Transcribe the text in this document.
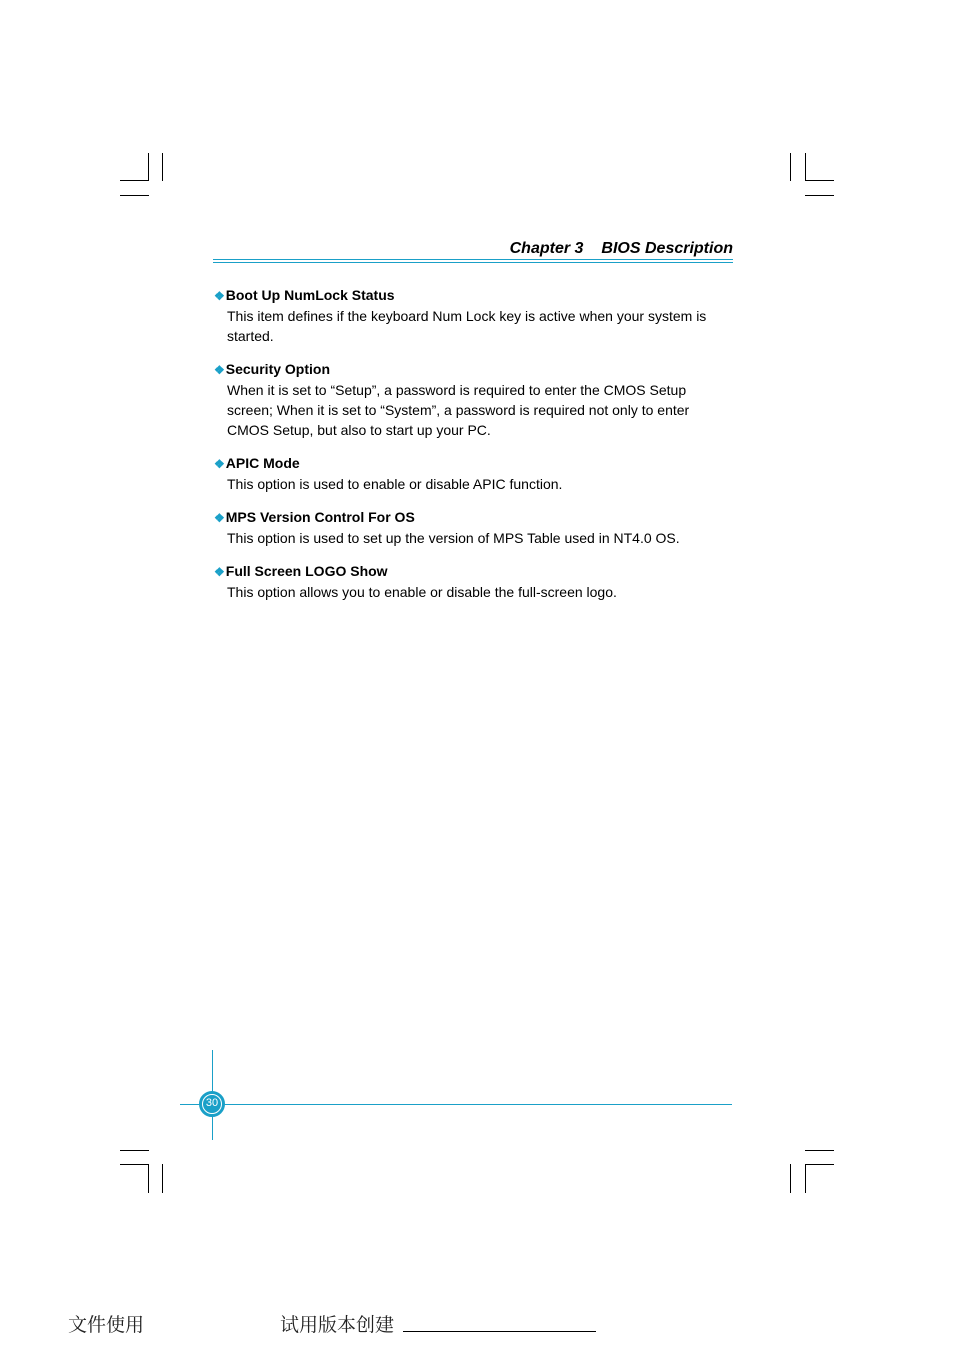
Chapter 3 BIOS Description
❖Boot Up NumLock Status
This item defines if the keyboard Num Lock key is active when your system is started.
❖Security Option
When it is set to “Setup”, a password is required to enter the CMOS Setup screen; When it is set to “System”, a password is required not only to enter CMOS Setup, but also to start up your PC.
❖APIC Mode
This option is used to enable or disable APIC function.
❖MPS Version Control For OS
This option is used to set up the version of MPS Table used in NT4.0 OS.
❖Full Screen LOGO Show
This option allows you to enable or disable the full-screen logo.
30
文件使用	试用版本创建
